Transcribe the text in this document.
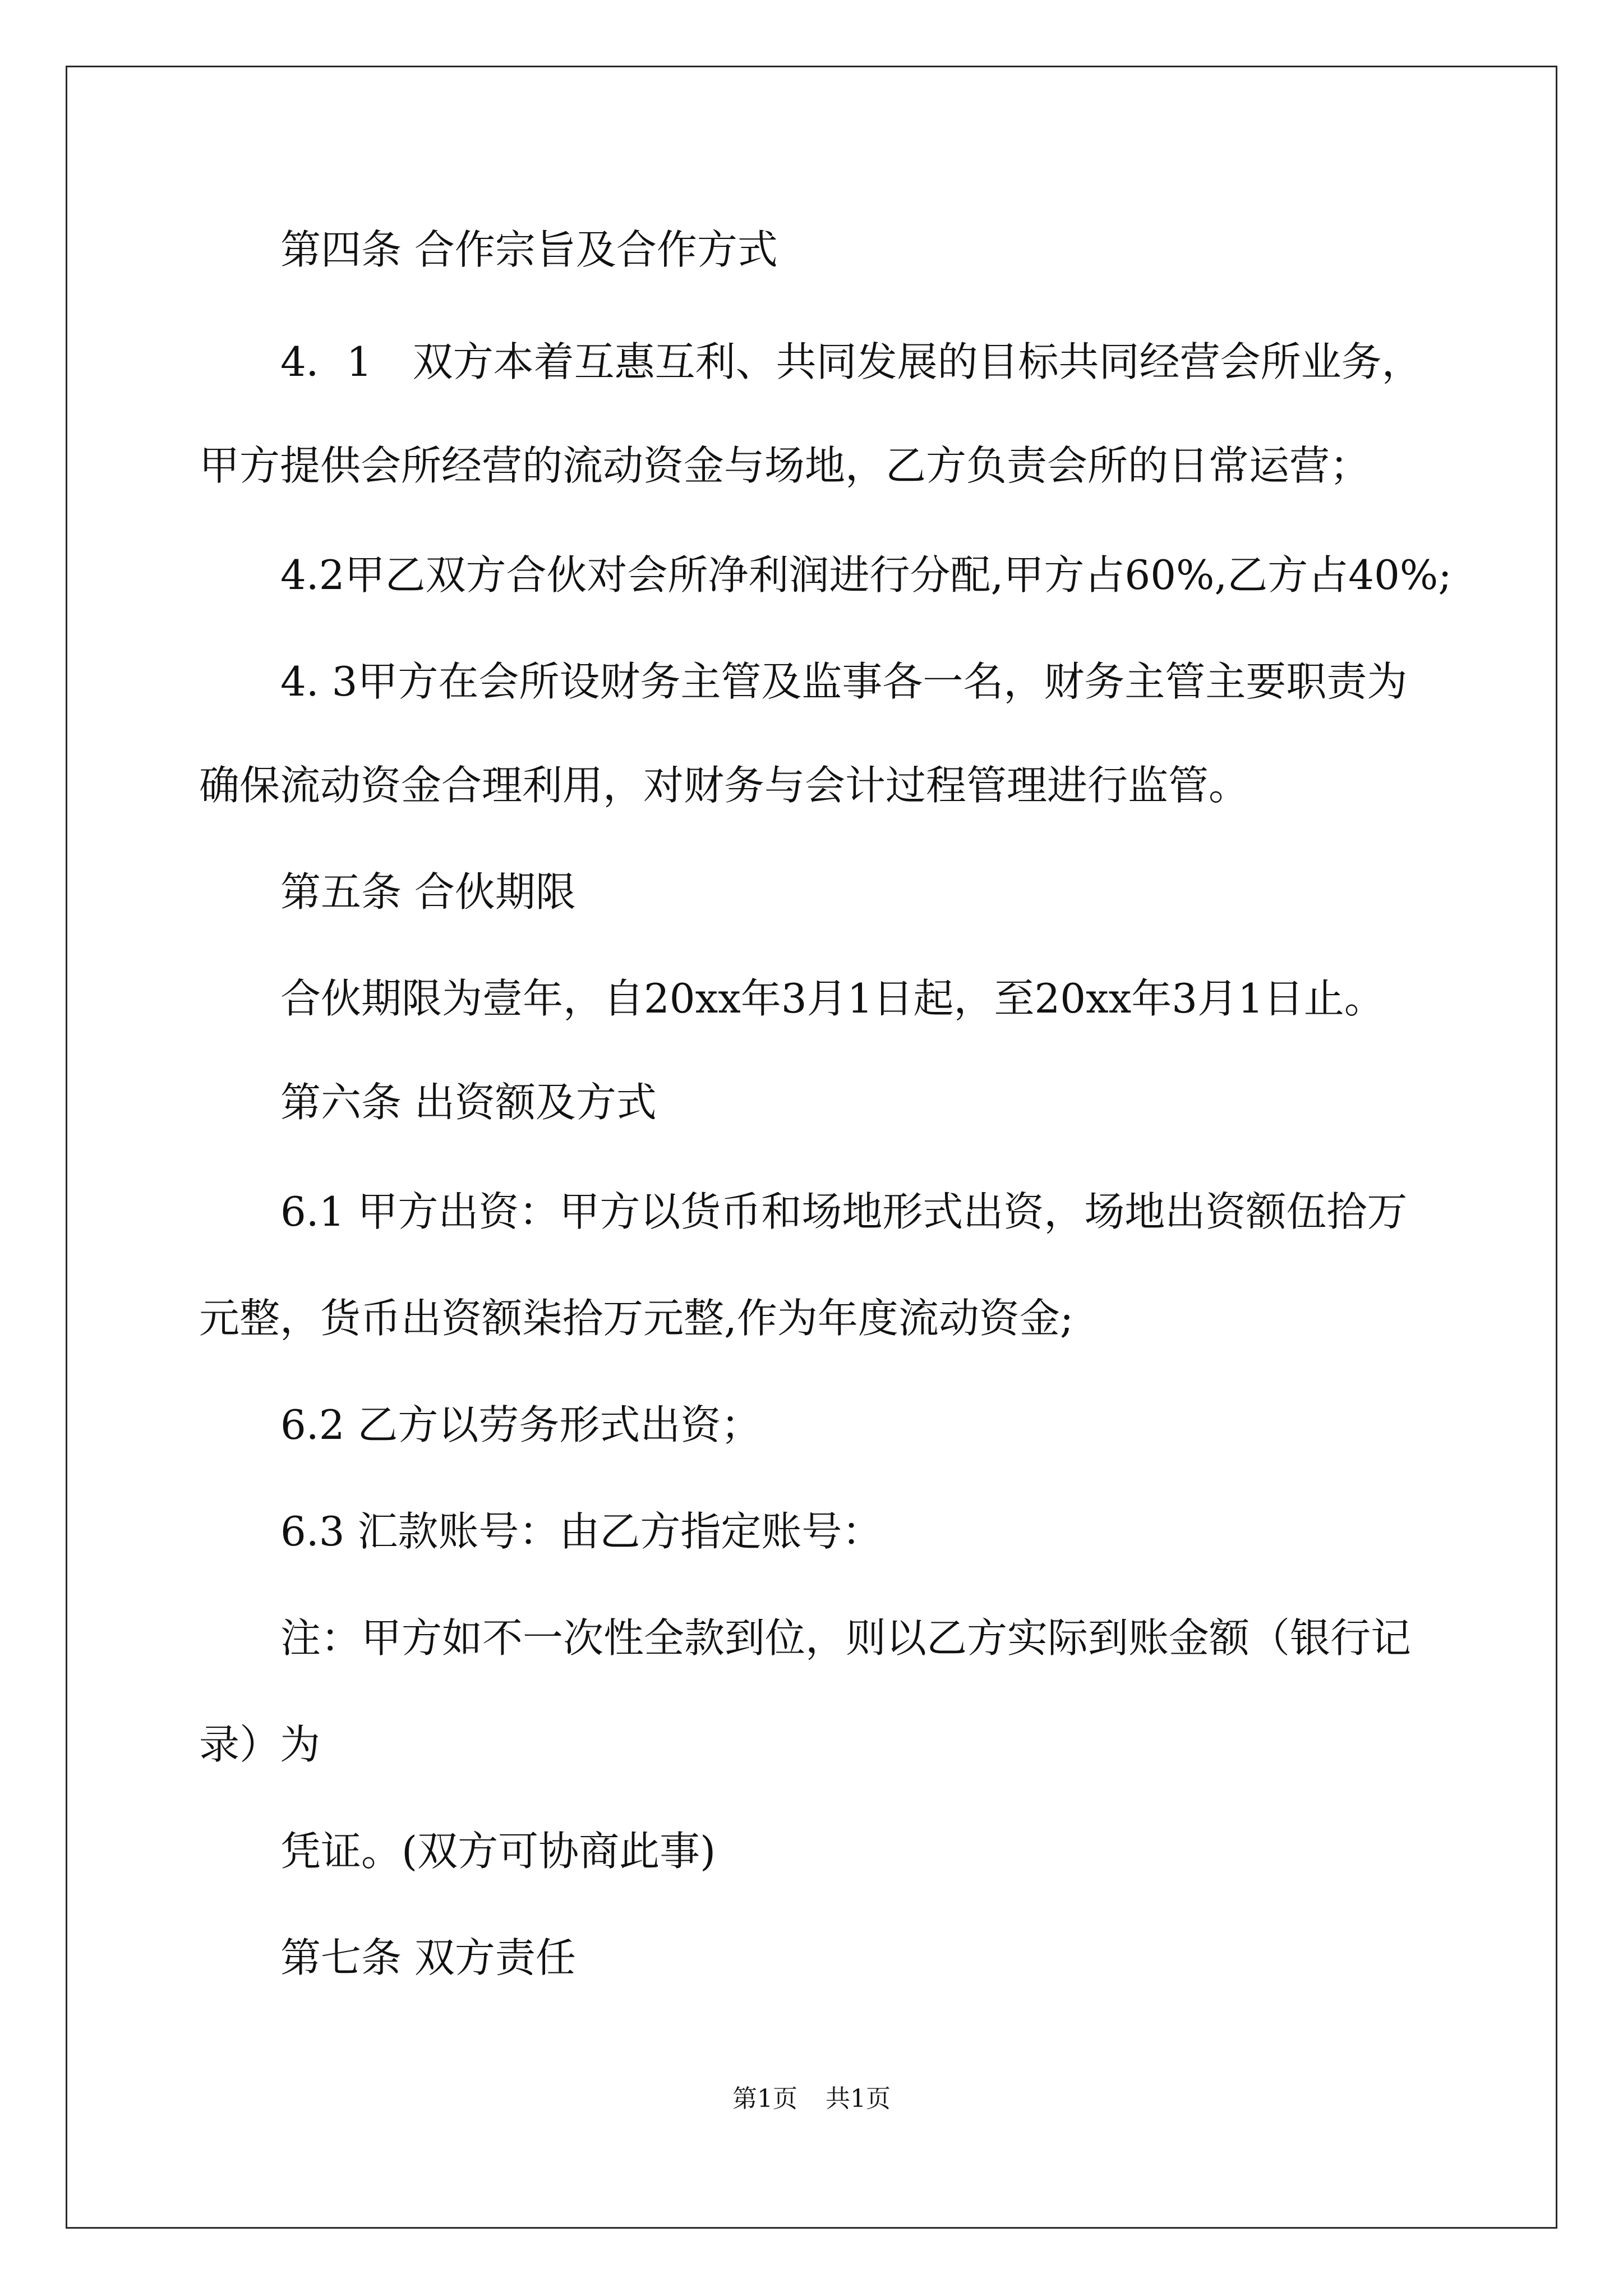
第四条 合作宗旨及合作方式

4．1　双方本着互惠互利、共同发展的目标共同经营会所业务，

甲方提供会所经营的流动资金与场地，乙方负责会所的日常运营；

4.2甲乙双方合伙对会所净利润进行分配,甲方占60%,乙方占40%;

4. 3甲方在会所设财务主管及监事各一名，财务主管主要职责为

确保流动资金合理利用，对财务与会计过程管理进行监管。

第五条 合伙期限

合伙期限为壹年，自20xx年3月1日起，至20xx年3月1日止。

第六条 出资额及方式

6.1 甲方出资：甲方以货币和场地形式出资，场地出资额伍拾万

元整，货币出资额柒拾万元整,作为年度流动资金;

6.2 乙方以劳务形式出资；

6.3 汇款账号：由乙方指定账号：

注：甲方如不一次性全款到位，则以乙方实际到账金额（银行记

录）为

凭证。(双方可协商此事)

第七条 双方责任

第1页 共1页
